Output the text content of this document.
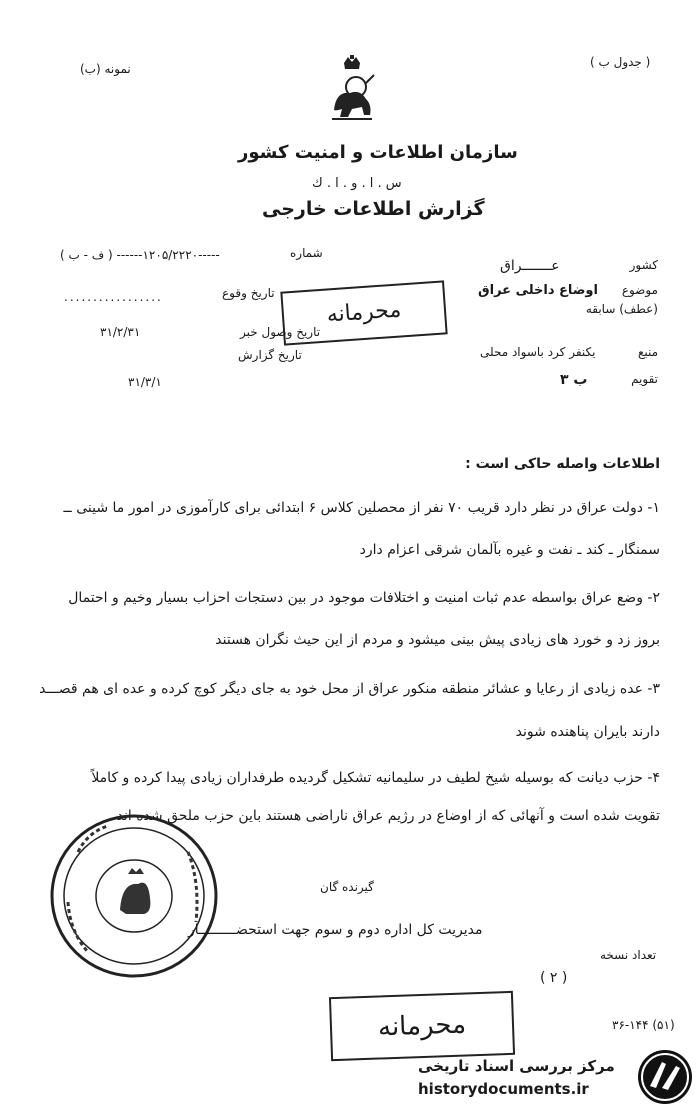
( جدول ب )
نمونه (ب)
سازمان اطلاعات و امنیت کشور
س . ا . و . ا . ك
گزارش اطلاعات خارجی
کشور
عـــــــراق
شماره
-----۱۲۰۵/۲۲۲۰------ ( ف - ب )
موضوع
اوضاع داخلی عراق
(عطف) سابقه
تاریخ وقوع
.................
تاریخ وصول خبر
۳۱/۲/۳۱
تاریخ گزارش
۳۱/۳/۱
منبع
یکنفر کرد باسواد محلی
تقویم
ب ۳
محرمانه
اطلاعات واصله حاکی است :
۱- دولت عراق در نظر دارد قریب ۷۰ نفر از محصلین کلاس ۶ ابتدائی برای کارآموزی در امور ما شینی ــ
سمنگار ـ کند ـ نفت و غیره بآلمان شرقی اعزام دارد
۲- وضع عراق بواسطه عدم ثبات امنیت و اختلافات موجود در بین دستجات احزاب بسیار وخیم و احتمال
بروز زد و خورد های زیادی پیش بینی میشود و مردم از این حیث نگران هستند
۳- عده زیادی از رعایا و عشائر منطقه منکور عراق از محل خود به جای دیگر کوچ کرده و عده ای هم قصـــد
دارند بایران پناهنده شوند
۴- حزب دیانت که بوسیله شیخ لطیف در سلیمانیه تشکیل گردیده طرفداران زیادی پیدا کرده و کاملاً
تقویت شده است و آنهائی که از اوضاع در رژیم عراق ناراضی هستند باین حزب ملحق شده اند .
گیرنده گان
مدیریت کل اداره دوم و سوم جهت استحضـــــــــار
تعداد نسخه
( ۲ )
۳۶-۱۴۴ (۵۱)
محرمانه
مرکز بررسی اسناد تاریخی
historydocuments.ir
